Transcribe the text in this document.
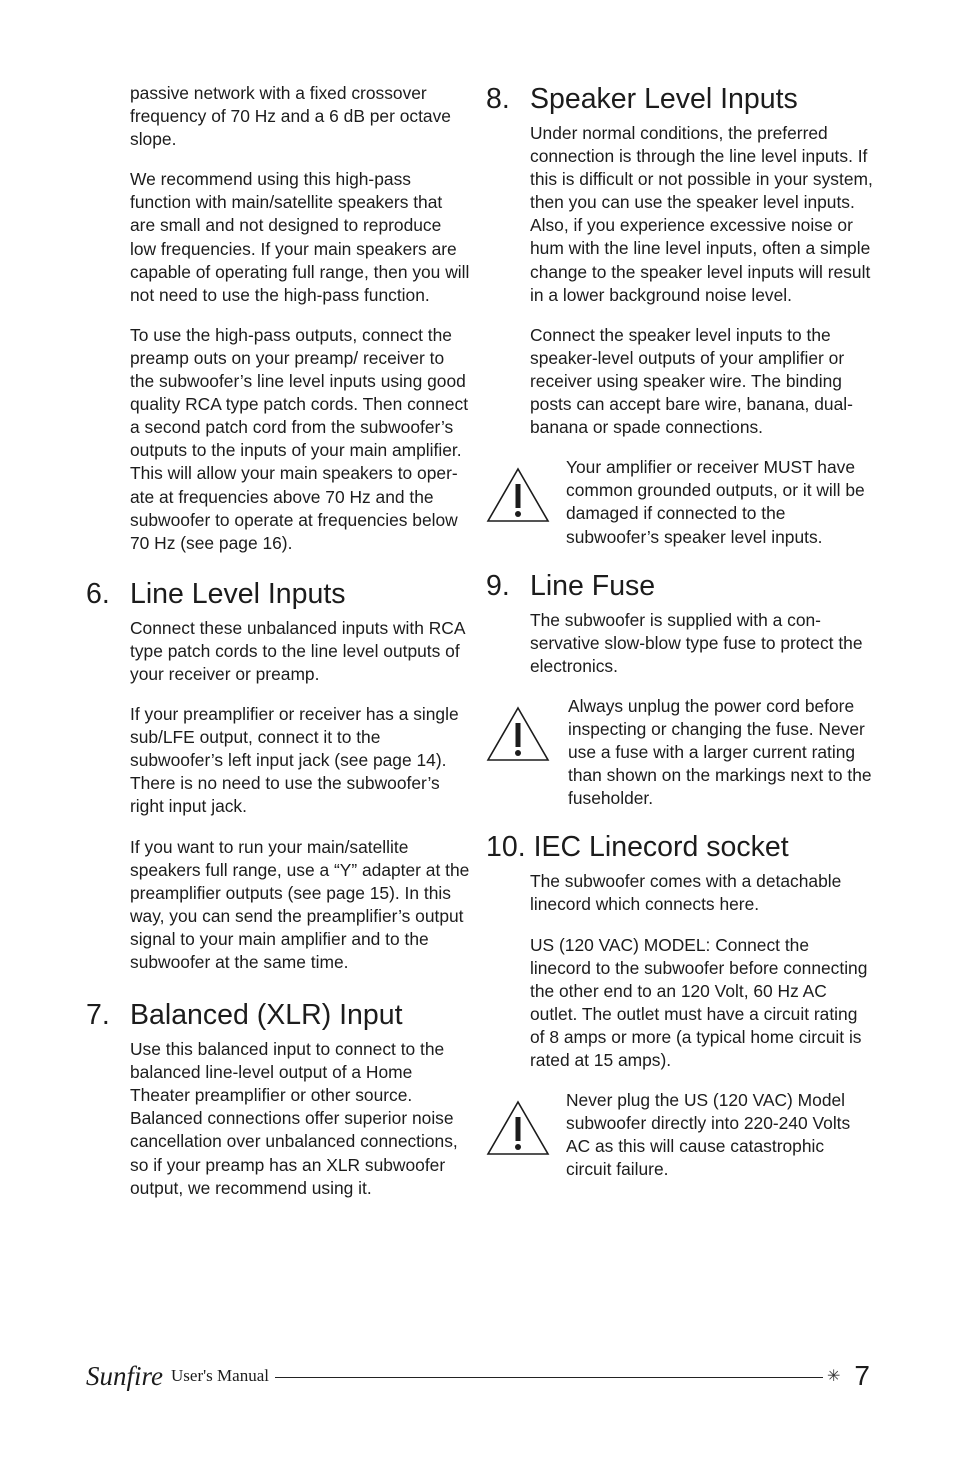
passive network with a fixed crossover frequency of 70 Hz and a 6 dB per octave slope.

We recommend using this high-pass function with main/satellite speakers that are small and not designed to reproduce low frequencies. If your main speakers are capable of operating full range, then you will not need to use the high-pass function.

To use the high-pass outputs, connect the preamp outs on your preamp/ receiver to the subwoofer’s line level inputs using good quality RCA type patch cords. Then connect a second patch cord from the subwoofer’s outputs to the inputs of your main amplifier. This will allow your main speakers to operate at frequencies above 70 Hz and the subwoofer to operate at frequencies below 70 Hz (see page 16).

6. Line Level Inputs

Connect these unbalanced inputs with RCA type patch cords to the line level outputs of your receiver or preamp.

If your preamplifier or receiver has a single sub/LFE output, connect it to the subwoofer’s left input jack (see page 14). There is no need to use the subwoofer’s right input jack.

If you want to run your main/satellite speakers full range, use a “Y” adapter at the preamplifier outputs (see page 15). In this way, you can send the preamplifier’s output signal to your main amplifier and to the subwoofer at the same time.

7. Balanced (XLR) Input

Use this balanced input to connect to the balanced line-level output of a Home Theater preamplifier or other source. Balanced connections offer superior noise cancellation over unbalanced connections, so if your preamp has an XLR subwoofer output, we recommend using it.

8. Speaker Level Inputs

Under normal conditions, the preferred connection is through the line level inputs. If this is difficult or not possible in your system, then you can use the speaker level inputs. Also, if you experience excessive noise or hum with the line level inputs, often a simple change to the speaker level inputs will result in a lower background noise level.

Connect the speaker level inputs to the speaker-level outputs of your amplifier or receiver using speaker wire. The binding posts can accept bare wire, banana, dual-banana or spade connections.

Your amplifier or receiver MUST have common grounded outputs, or it will be damaged if connected to the subwoofer’s speaker level inputs.

9. Line Fuse

The subwoofer is supplied with a conservative slow-blow type fuse to protect the electronics.

Always unplug the power cord before inspecting or changing the fuse. Never use a fuse with a larger current rating than shown on the markings next to the fuseholder.

10. IEC Linecord socket

The subwoofer comes with a detachable linecord which connects here.

US (120 VAC) MODEL: Connect the linecord to the subwoofer before connecting the other end to an 120 Volt, 60 Hz AC outlet. The outlet must have a circuit rating of 8 amps or more (a typical home circuit is rated at 15 amps).

Never plug the US (120 VAC) Model subwoofer directly into 220-240 Volts AC as this will cause catastrophic circuit failure.

Sunfire User's Manual	✳ 7
